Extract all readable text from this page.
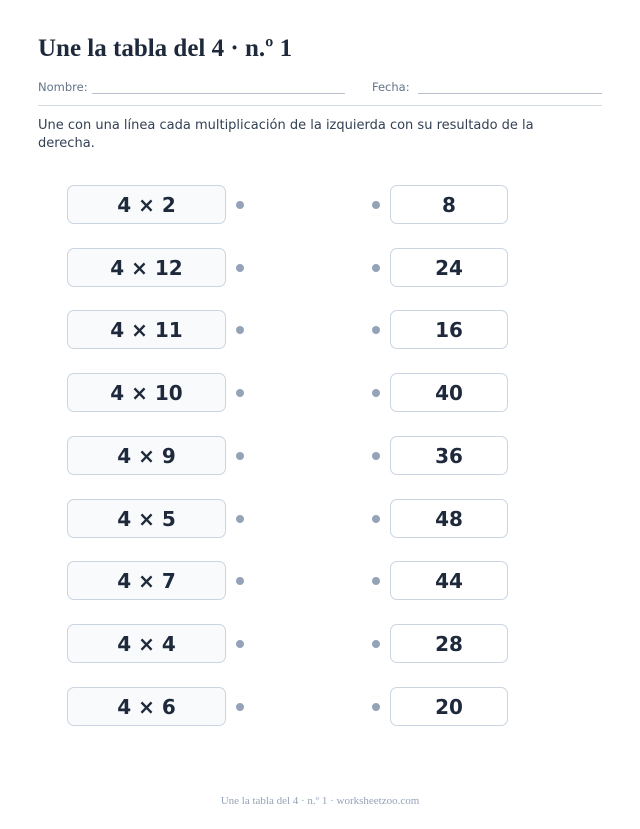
Une la tabla del 4 · n.º 1
Nombre:	Fecha:

Une con una línea cada multiplicación de la izquierda con su resultado de la derecha.

4 × 2	8
4 × 12	24
4 × 11	16
4 × 10	40
4 × 9	36
4 × 5	48
4 × 7	44
4 × 4	28
4 × 6	20
Une la tabla del 4 · n.º 1 · worksheetzoo.com
